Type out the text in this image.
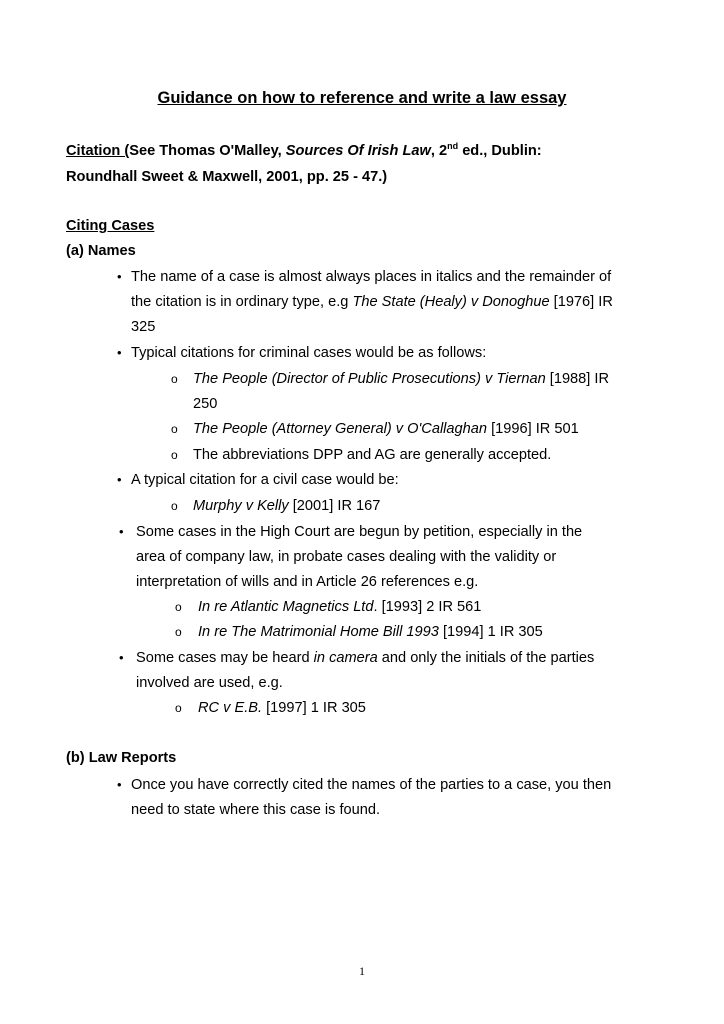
Guidance on how to reference and write a law essay
Citation (See Thomas O'Malley, Sources Of Irish Law, 2nd ed., Dublin:
Roundhall Sweet & Maxwell, 2001, pp. 25 - 47.)
Citing Cases
(a) Names
• The name of a case is almost always places in italics and the remainder of
the citation is in ordinary type, e.g The State (Healy) v Donoghue [1976] IR
325
• Typical citations for criminal cases would be as follows:
o The People (Director of Public Prosecutions) v Tiernan [1988] IR
250
o The People (Attorney General) v O'Callaghan [1996] IR 501
o The abbreviations DPP and AG are generally accepted.
• A typical citation for a civil case would be:
o Murphy v Kelly [2001] IR 167
• Some cases in the High Court are begun by petition, especially in the
area of company law, in probate cases dealing with the validity or
interpretation of wills and in Article 26 references e.g.
o In re Atlantic Magnetics Ltd. [1993] 2 IR 561
o In re The Matrimonial Home Bill 1993 [1994] 1 IR 305
• Some cases may be heard in camera and only the initials of the parties
involved are used, e.g.
o RC v E.B. [1997] 1 IR 305
(b) Law Reports
• Once you have correctly cited the names of the parties to a case, you then
need to state where this case is found.
1
